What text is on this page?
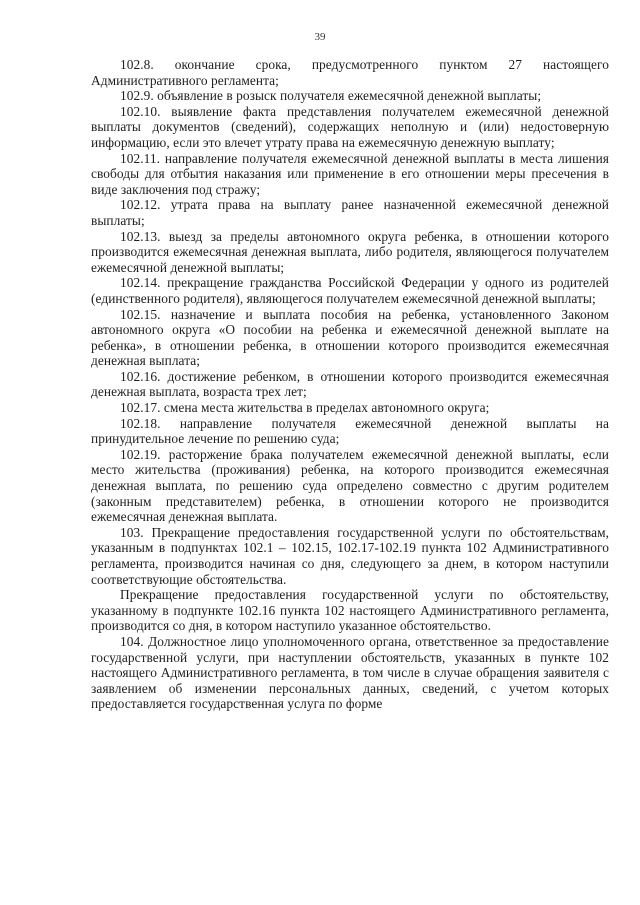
39

102.8. окончание срока, предусмотренного пунктом 27 настоящего Административного регламента;

102.9. объявление в розыск получателя ежемесячной денежной выплаты;

102.10. выявление факта представления получателем ежемесячной денежной выплаты документов (сведений), содержащих неполную и (или) недостоверную информацию, если это влечет утрату права на ежемесячную денежную выплату;

102.11. направление получателя ежемесячной денежной выплаты в места лишения свободы для отбытия наказания или применение в его отношении меры пресечения в виде заключения под стражу;

102.12. утрата права на выплату ранее назначенной ежемесячной денежной выплаты;

102.13. выезд за пределы автономного округа ребенка, в отношении которого производится ежемесячная денежная выплата, либо родителя, являющегося получателем ежемесячной денежной выплаты;

102.14. прекращение гражданства Российской Федерации у одного из родителей (единственного родителя), являющегося получателем ежемесячной денежной выплаты;

102.15. назначение и выплата пособия на ребенка, установленного Законом автономного округа «О пособии на ребенка и ежемесячной денежной выплате на ребенка», в отношении ребенка, в отношении которого производится ежемесячная денежная выплата;

102.16. достижение ребенком, в отношении которого производится ежемесячная денежная выплата, возраста трех лет;

102.17. смена места жительства в пределах автономного округа;

102.18. направление получателя ежемесячной денежной выплаты на принудительное лечение по решению суда;

102.19. расторжение брака получателем ежемесячной денежной выплаты, если место жительства (проживания) ребенка, на которого производится ежемесячная денежная выплата, по решению суда определено совместно с другим родителем (законным представителем) ребенка, в отношении которого не производится ежемесячная денежная выплата.

103. Прекращение предоставления государственной услуги по обстоятельствам, указанным в подпунктах 102.1 – 102.15, 102.17-102.19 пункта 102 Административного регламента, производится начиная со дня, следующего за днем, в котором наступили соответствующие обстоятельства.

Прекращение предоставления государственной услуги по обстоятельству, указанному в подпункте 102.16 пункта 102 настоящего Административного регламента, производится со дня, в котором наступило указанное обстоятельство.

104. Должностное лицо уполномоченного органа, ответственное за предоставление государственной услуги, при наступлении обстоятельств, указанных в пункте 102 настоящего Административного регламента, в том числе в случае обращения заявителя с заявлением об изменении персональных данных, сведений, с учетом которых предоставляется государственная услуга по форме
